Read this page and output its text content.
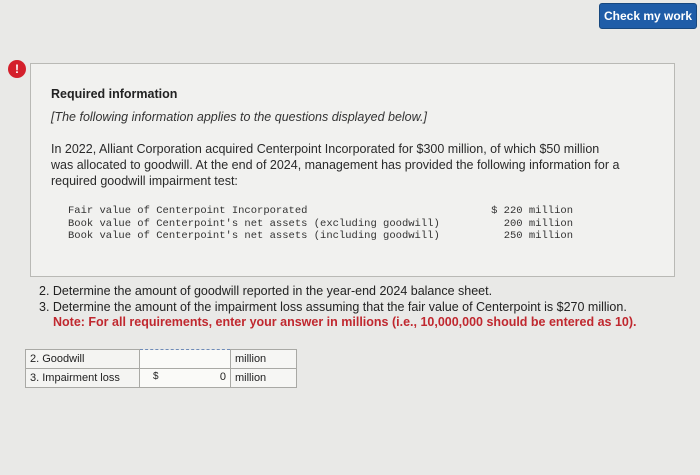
Check my work
!
Required information
[The following information applies to the questions displayed below.]
In 2022, Alliant Corporation acquired Centerpoint Incorporated for $300 million, of which $50 million was allocated to goodwill. At the end of 2024, management has provided the following information for a required goodwill impairment test:
Fair value of Centerpoint Incorporated	$ 220 million
Book value of Centerpoint's net assets (excluding goodwill)	200 million
Book value of Centerpoint's net assets (including goodwill)	250 million
2. Determine the amount of goodwill reported in the year-end 2024 balance sheet.
3. Determine the amount of the impairment loss assuming that the fair value of Centerpoint is $270 million.
Note: For all requirements, enter your answer in millions (i.e., 10,000,000 should be entered as 10).
2. Goodwill		million
3. Impairment loss	$ 0	million
